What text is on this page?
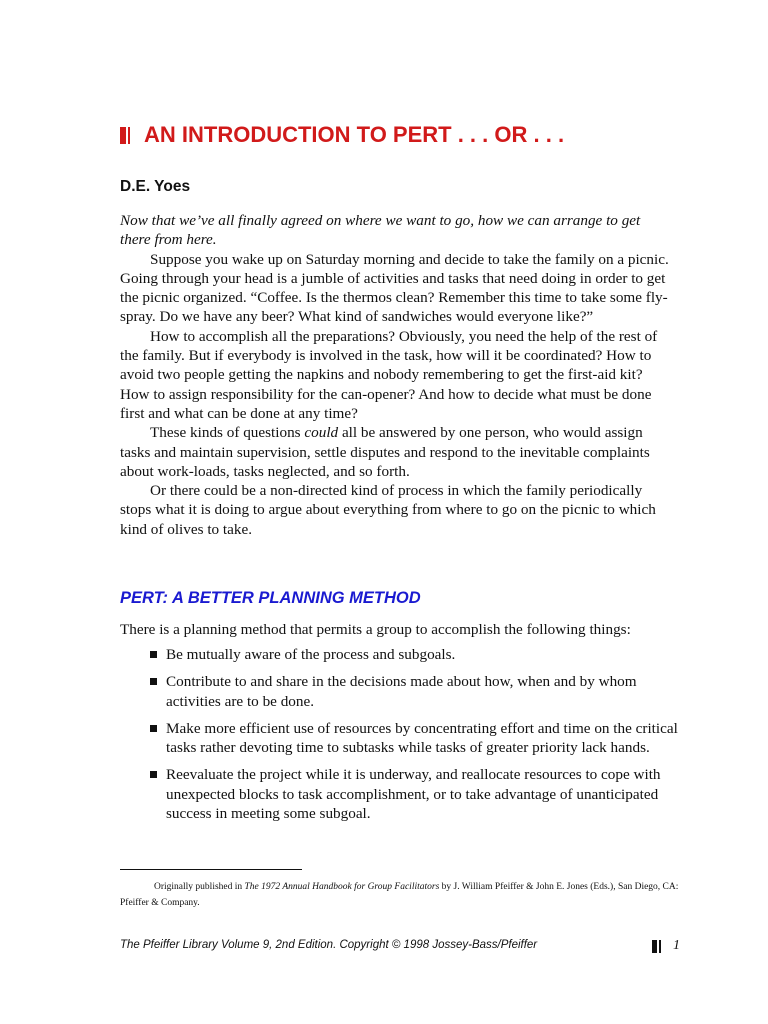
AN INTRODUCTION TO PERT . . . OR . . .
D.E. Yoes

Now that we’ve all finally agreed on where we want to go, how we can arrange to get there from here.

Suppose you wake up on Saturday morning and decide to take the family on a picnic. Going through your head is a jumble of activities and tasks that need doing in order to get the picnic organized. “Coffee. Is the thermos clean? Remember this time to take some fly-spray. Do we have any beer? What kind of sandwiches would everyone like?”

How to accomplish all the preparations? Obviously, you need the help of the rest of the family. But if everybody is involved in the task, how will it be coordinated? How to avoid two people getting the napkins and nobody remembering to get the first-aid kit? How to assign responsibility for the can-opener? And how to decide what must be done first and what can be done at any time?

These kinds of questions could all be answered by one person, who would assign tasks and maintain supervision, settle disputes and respond to the inevitable complaints about work-loads, tasks neglected, and so forth.

Or there could be a non-directed kind of process in which the family periodically stops what it is doing to argue about everything from where to go on the picnic to which kind of olives to take.

PERT: A BETTER PLANNING METHOD
There is a planning method that permits a group to accomplish the following things:
Be mutually aware of the process and subgoals.
Contribute to and share in the decisions made about how, when and by whom activities are to be done.
Make more efficient use of resources by concentrating effort and time on the critical tasks rather devoting time to subtasks while tasks of greater priority lack hands.
Reevaluate the project while it is underway, and reallocate resources to cope with unexpected blocks to task accomplishment, or to take advantage of unanticipated success in meeting some subgoal.
Originally published in The 1972 Annual Handbook for Group Facilitators by J. William Pfeiffer & John E. Jones (Eds.), San Diego, CA: Pfeiffer & Company.
The Pfeiffer Library Volume 9, 2nd Edition. Copyright © 1998 Jossey-Bass/Pfeiffer	1
